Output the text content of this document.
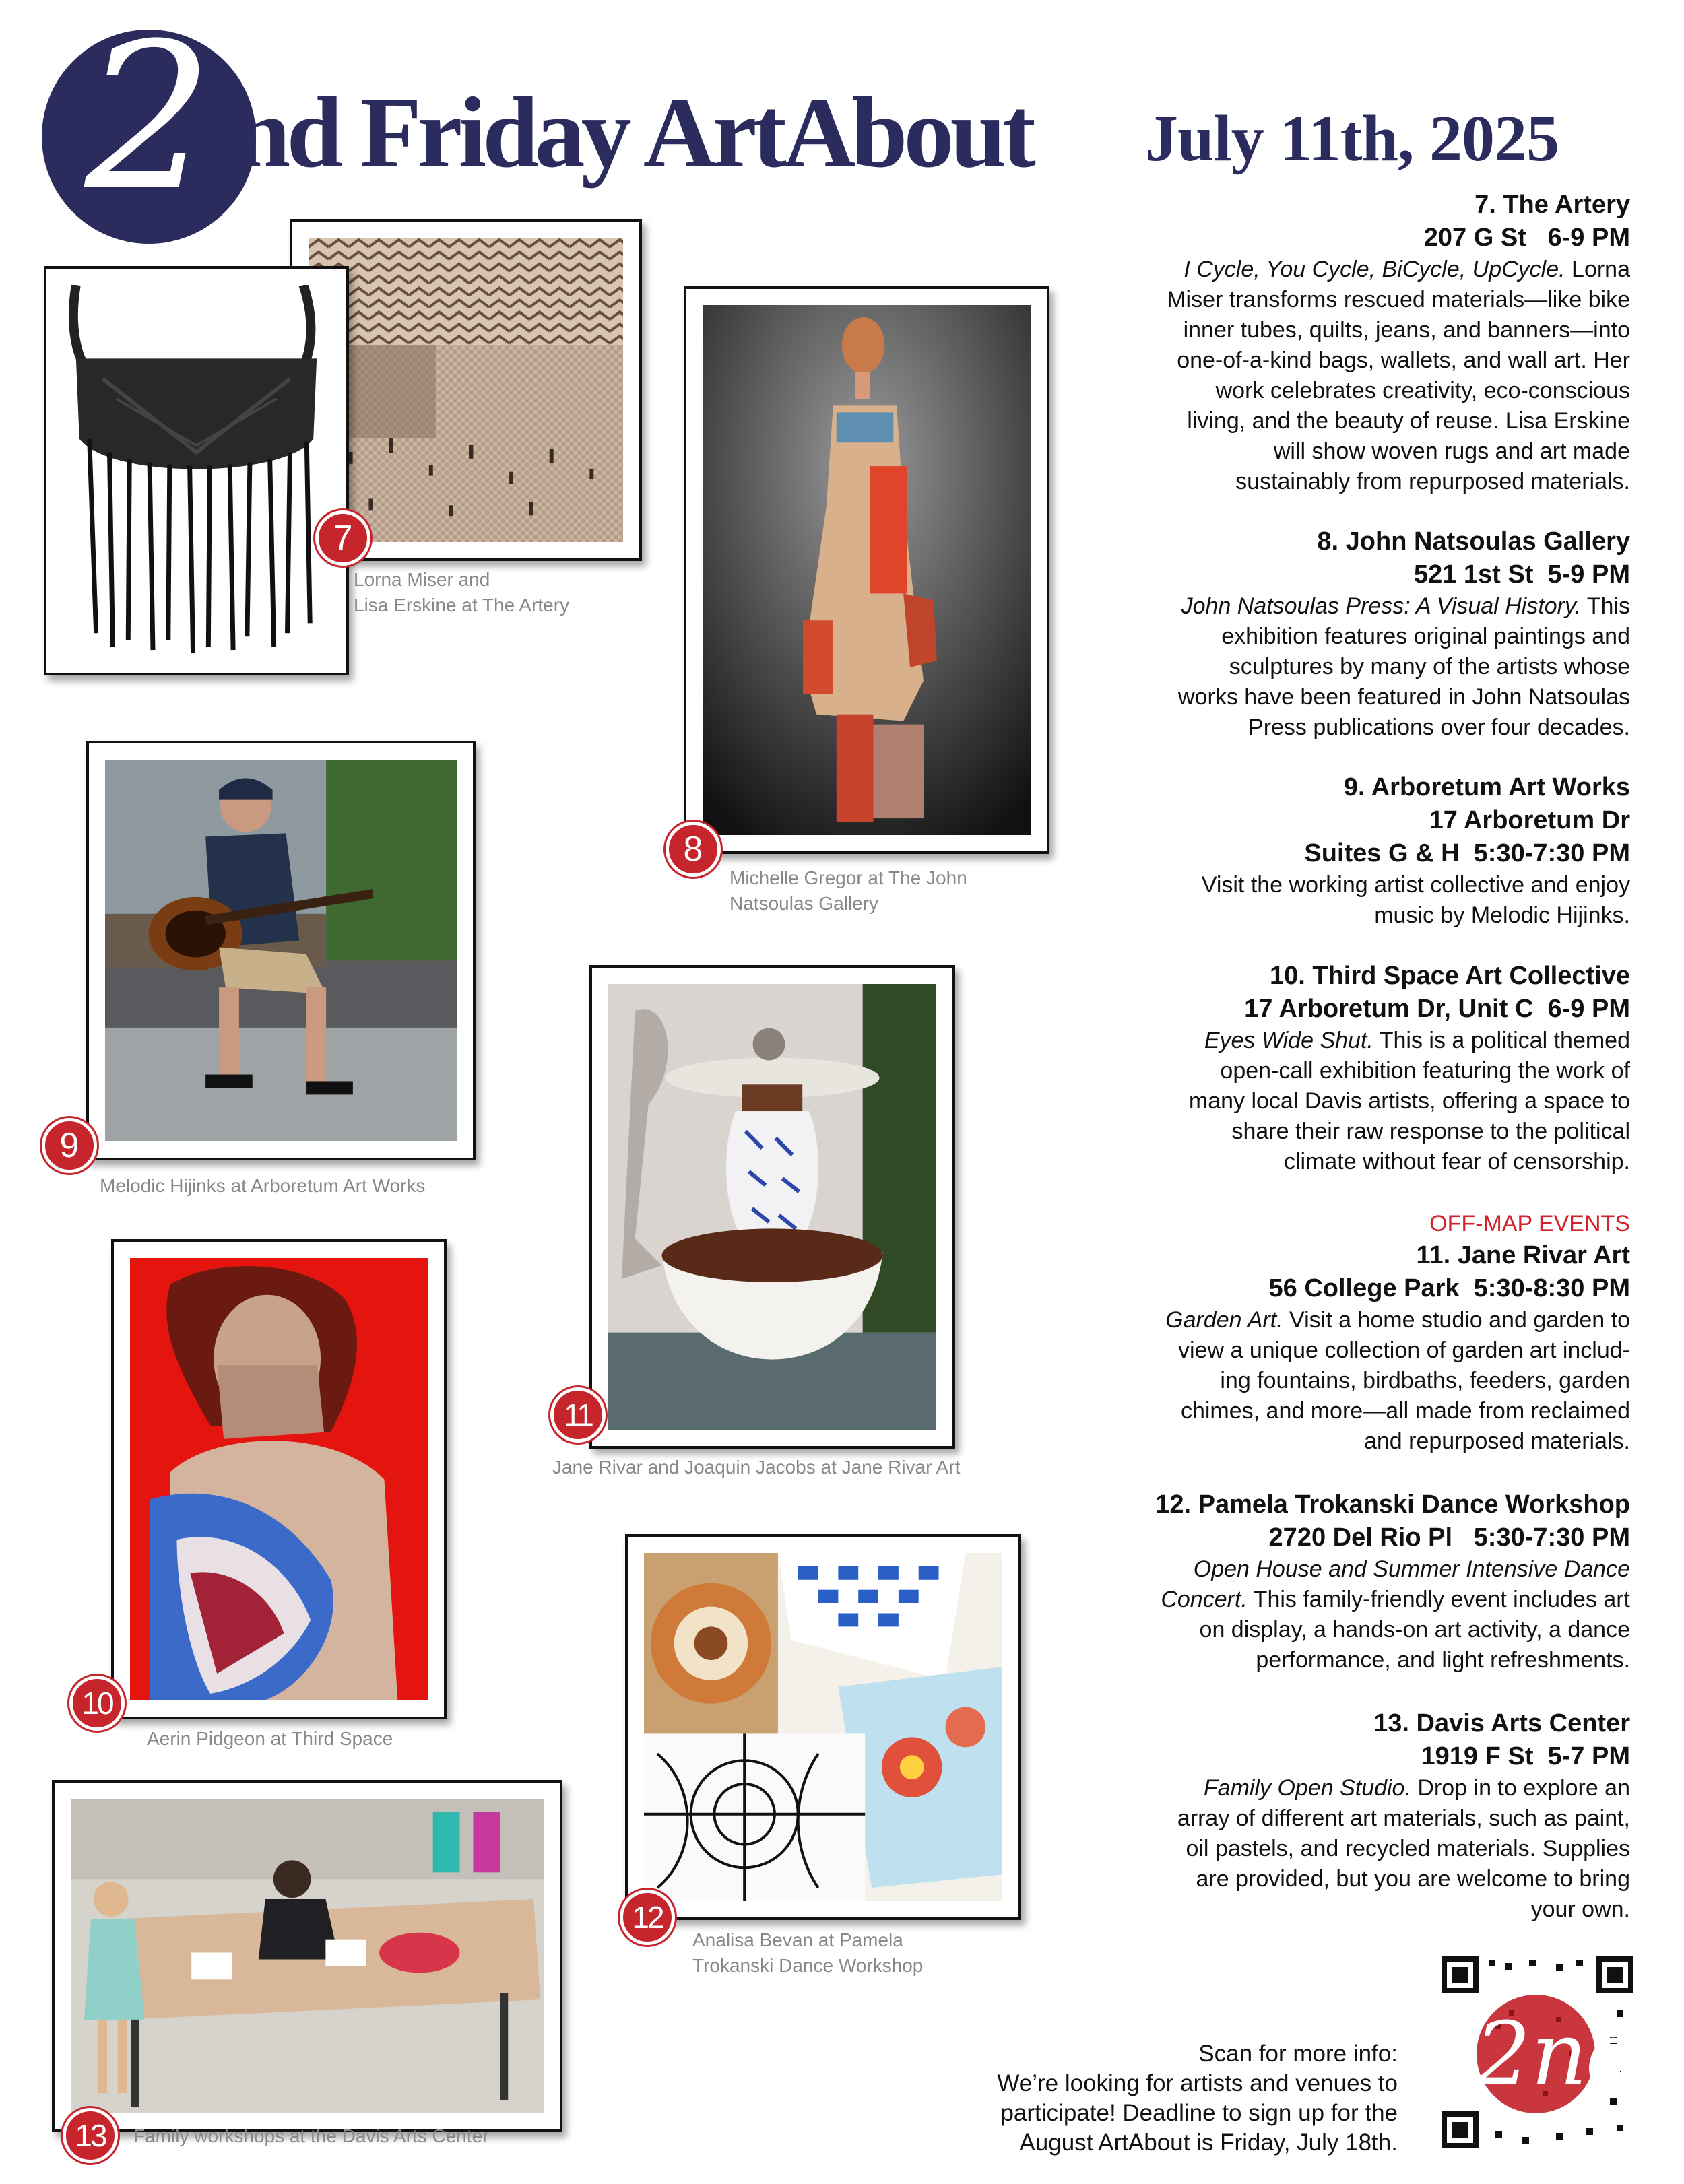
2 nd Friday ArtAbout July 11th, 2025
7
Lorna Miser and
Lisa Erskine at The Artery
8
Michelle Gregor at The John
Natsoulas Gallery
9
Melodic Hijinks at Arboretum Art Works
10
Aerin Pidgeon at Third Space
11
Jane Rivar and Joaquin Jacobs at Jane Rivar Art
12
Analisa Bevan at Pamela
Trokanski Dance Workshop
13	Family workshops at the Davis Arts Center
7. The Artery
207 G St   6-9 PM
I Cycle, You Cycle, BiCycle, UpCycle. Lorna
Miser transforms rescued materials—like bike
inner tubes, quilts, jeans, and banners—into
one-of-a-kind bags, wallets, and wall art. Her
work celebrates creativity, eco-conscious
living, and the beauty of reuse. Lisa Erskine
will show woven rugs and art made
sustainably from repurposed materials.
8. John Natsoulas Gallery
521 1st St  5-9 PM
John Natsoulas Press: A Visual History. This
exhibition features original paintings and
sculptures by many of the artists whose
works have been featured in John Natsoulas
Press publications over four decades.
9. Arboretum Art Works
17 Arboretum Dr
Suites G & H  5:30-7:30 PM
Visit the working artist collective and enjoy
music by Melodic Hijinks.
10. Third Space Art Collective
17 Arboretum Dr, Unit C  6-9 PM
Eyes Wide Shut. This is a political themed
open-call exhibition featuring the work of
many local Davis artists, offering a space to
share their raw response to the political
climate without fear of censorship.
OFF-MAP EVENTS
11. Jane Rivar Art
56 College Park  5:30-8:30 PM
Garden Art. Visit a home studio and garden to
view a unique collection of garden art includ-
ing fountains, birdbaths, feeders, garden
chimes, and more—all made from reclaimed
and repurposed materials.
12. Pamela Trokanski Dance Workshop
2720 Del Rio Pl   5:30-7:30 PM
Open House and Summer Intensive Dance
Concert. This family-friendly event includes art
on display, a hands-on art activity, a dance
performance, and light refreshments.
13. Davis Arts Center
1919 F St  5-7 PM
Family Open Studio. Drop in to explore an
array of different art materials, such as paint,
oil pastels, and recycled materials. Supplies
are provided, but you are welcome to bring
your own.
Scan for more info:
We’re looking for artists and venues to
participate! Deadline to sign up for the
August ArtAbout is Friday, July 18th.
2nd
